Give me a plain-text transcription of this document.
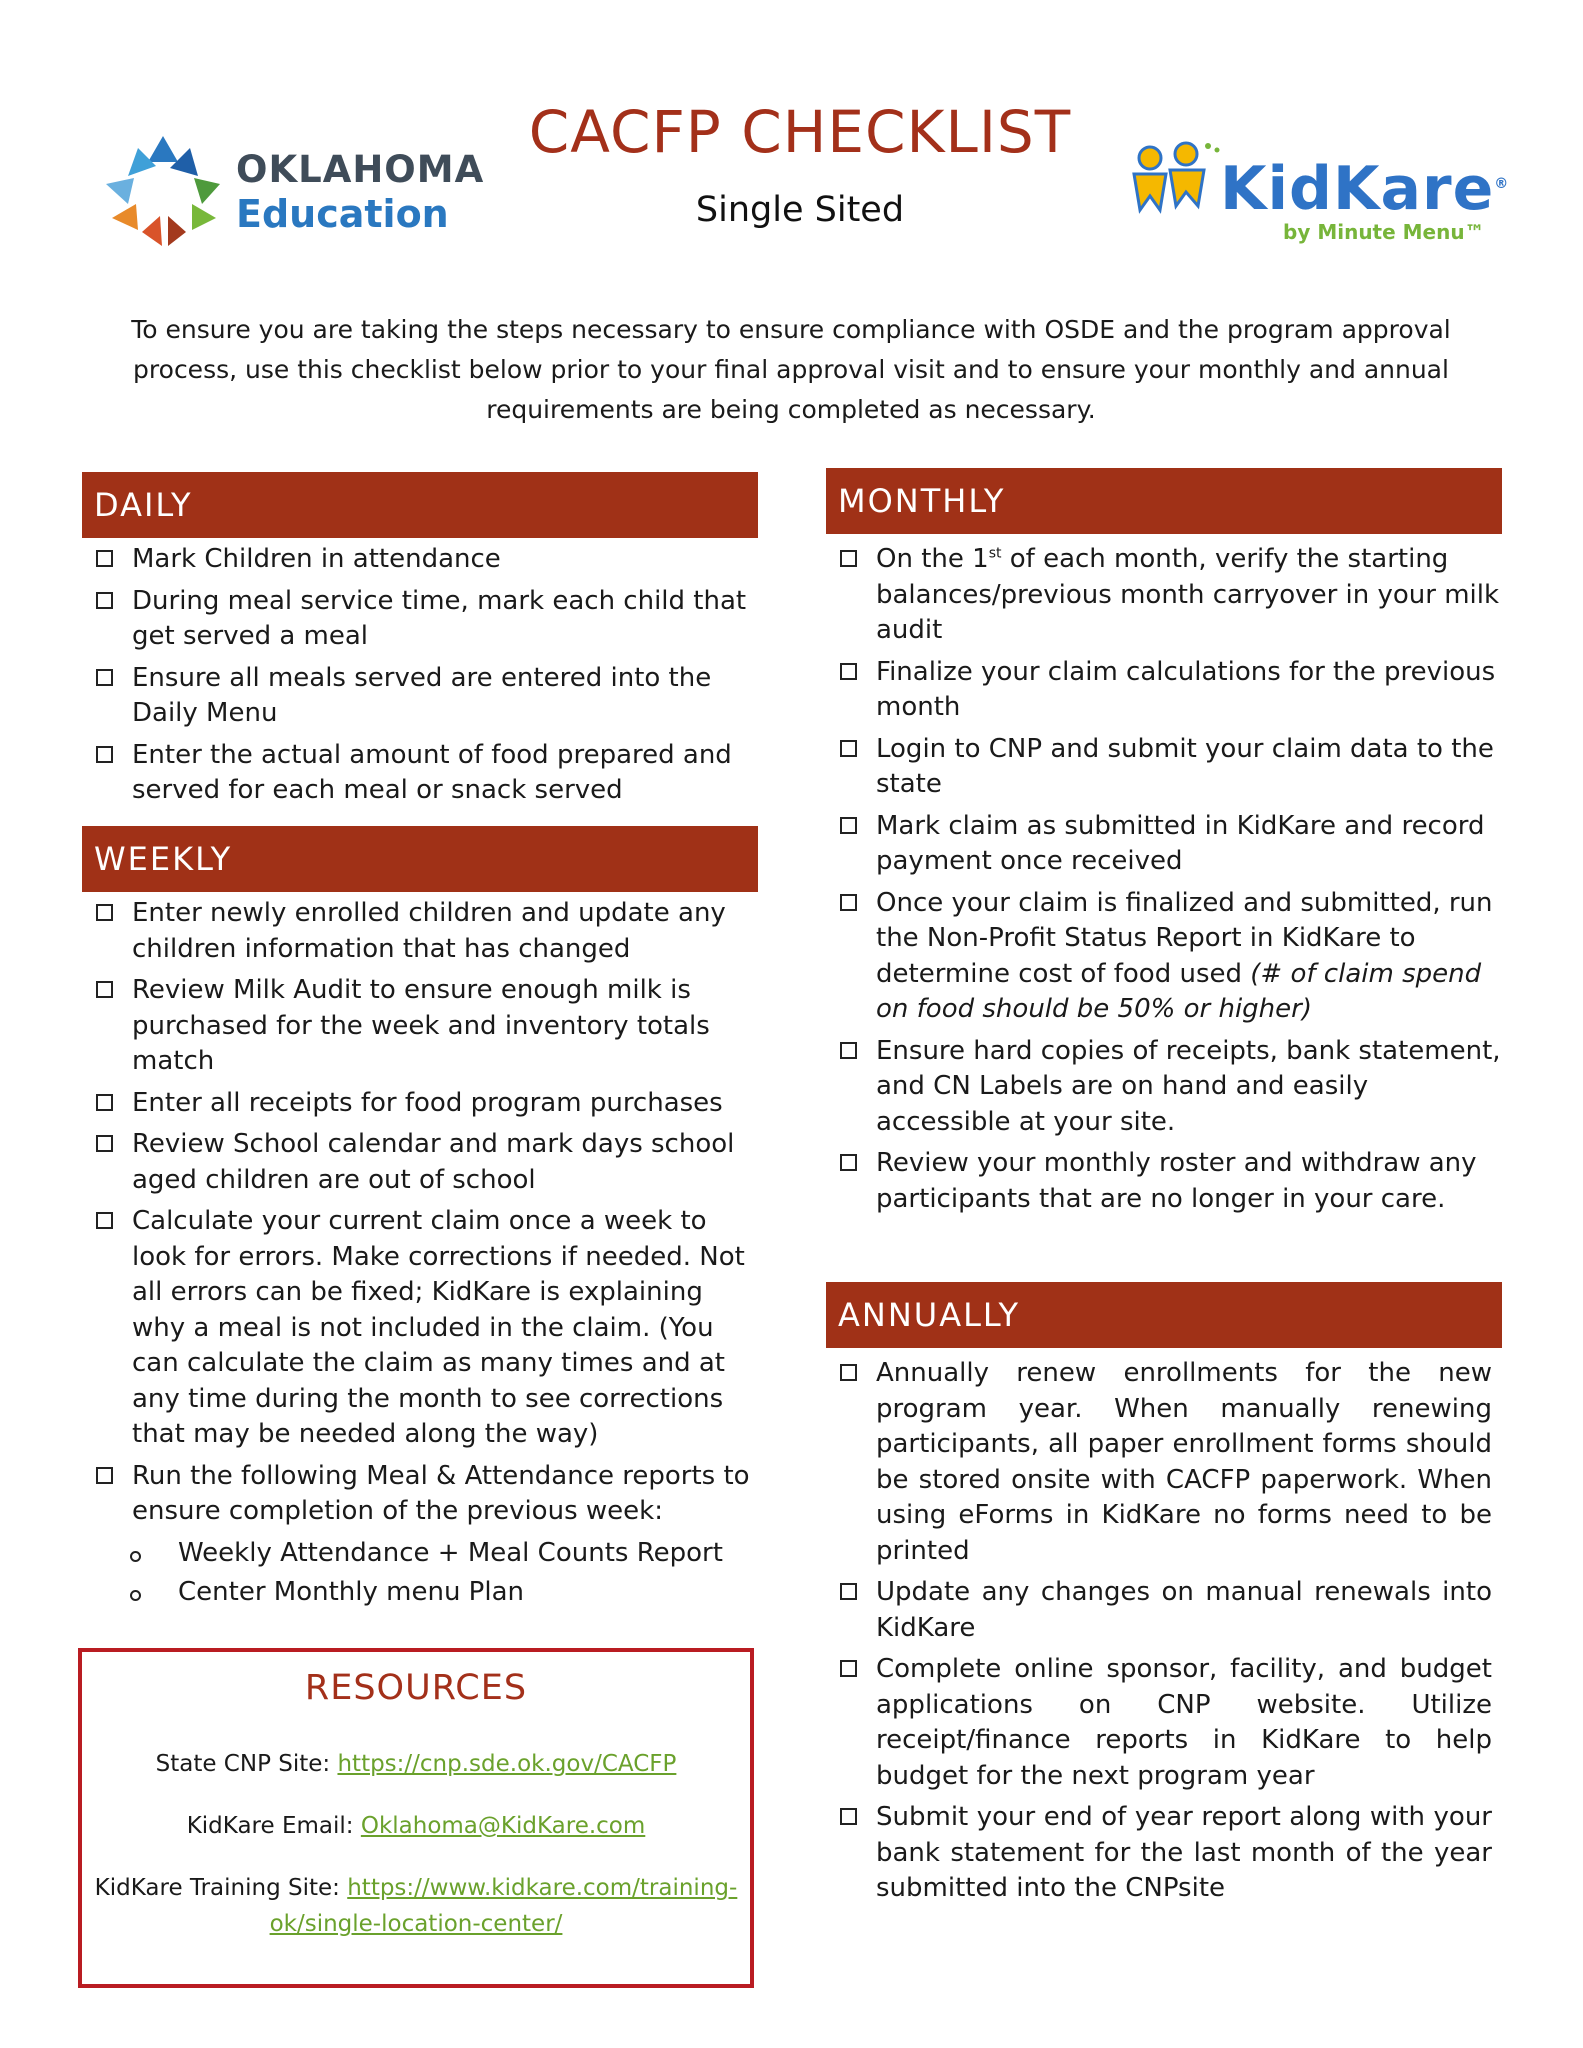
OKLAHOMA
Education
CACFP CHECKLIST
Single Sited	KidKare®
by Minute Menu™
To ensure you are taking the steps necessary to ensure compliance with OSDE and the program approval process, use this checklist below prior to your final approval visit and to ensure your monthly and annual requirements are being completed as necessary.
DAILY
Mark Children in attendance
During meal service time, mark each child that get served a meal
Ensure all meals served are entered into the Daily Menu
Enter the actual amount of food prepared and served for each meal or snack served
WEEKLY
Enter newly enrolled children and update any children information that has changed
Review Milk Audit to ensure enough milk is purchased for the week and inventory totals match
Enter all receipts for food program purchases
Review School calendar and mark days school aged children are out of school
Calculate your current claim once a week to look for errors. Make corrections if needed. Not all errors can be fixed; KidKare is explaining why a meal is not included in the claim. (You can calculate the claim as many times and at any time during the month to see corrections that may be needed along the way)
Run the following Meal & Attendance reports to ensure completion of the previous week:
Weekly Attendance + Meal Counts Report
Center Monthly menu Plan
RESOURCES
State CNP Site: https://cnp.sde.ok.gov/CACFP
KidKare Email: Oklahoma@KidKare.com
KidKare Training Site: https://www.kidkare.com/training-ok/single-location-center/
MONTHLY
On the 1st of each month, verify the starting balances/previous month carryover in your milk audit
Finalize your claim calculations for the previous month
Login to CNP and submit your claim data to the state
Mark claim as submitted in KidKare and record payment once received
Once your claim is finalized and submitted, run the Non-Profit Status Report in KidKare to determine cost of food used (# of claim spend on food should be 50% or higher)
Ensure hard copies of receipts, bank statement, and CN Labels are on hand and easily accessible at your site.
Review your monthly roster and withdraw any participants that are no longer in your care.
ANNUALLY
Annually renew enrollments for the new program year. When manually renewing participants, all paper enrollment forms should be stored onsite with CACFP paperwork. When using eForms in KidKare no forms need to be printed
Update any changes on manual renewals into KidKare
Complete online sponsor, facility, and budget applications on CNP website. Utilize receipt/finance reports in KidKare to help budget for the next program year
Submit your end of year report along with your bank statement for the last month of the year submitted into the CNPsite
